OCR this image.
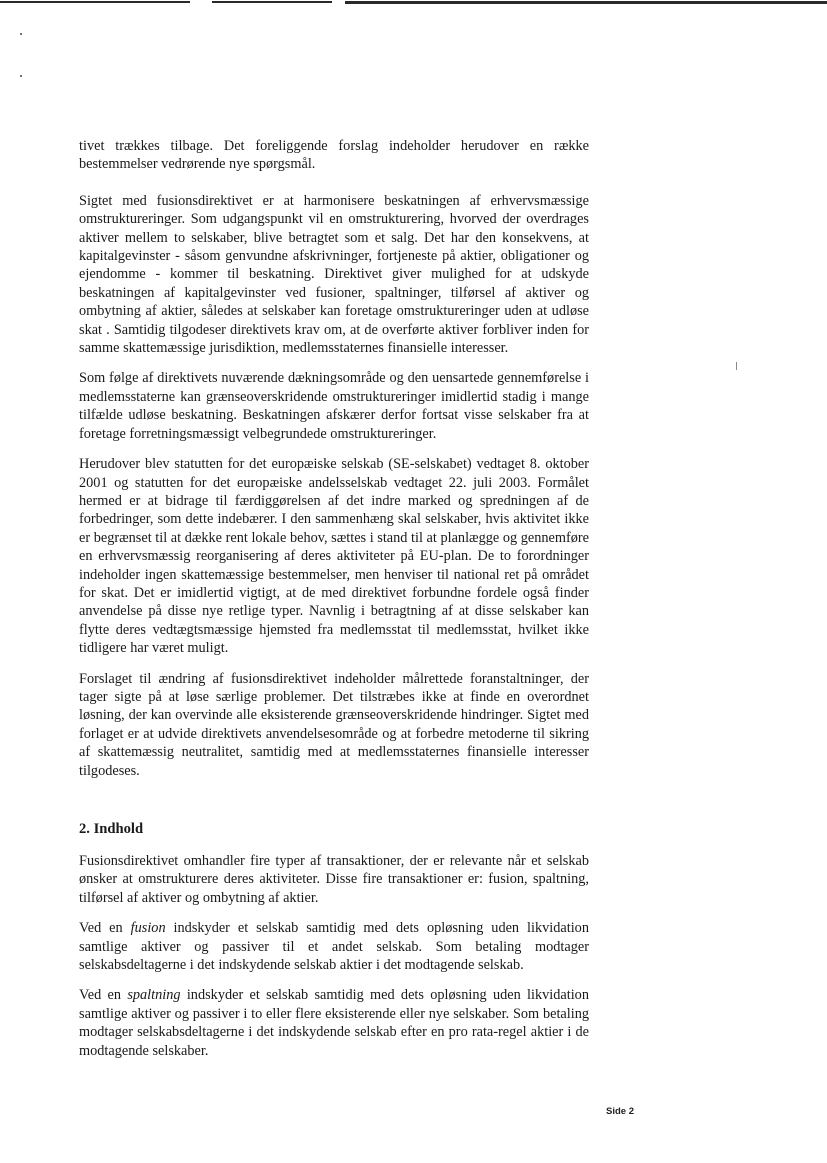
tivet trækkes tilbage. Det foreliggende forslag indeholder herudover en række bestemmelser vedrørende nye spørgsmål.

Sigtet med fusionsdirektivet er at harmonisere beskatningen af erhvervsmæssige omstruktureringer. Som udgangspunkt vil en omstrukturering, hvorved der overdrages aktiver mellem to selskaber, blive betragtet som et salg. Det har den konsekvens, at kapitalgevinster - såsom genvundne afskrivninger, fortjeneste på aktier, obligationer og ejendomme - kommer til beskatning. Direktivet giver mulighed for at udskyde beskatningen af kapitalgevinster ved fusioner, spaltninger, tilførsel af aktiver og ombytning af aktier, således at selskaber kan foretage omstruktureringer uden at udløse skat . Samtidig tilgodeser direktivets krav om, at de overførte aktiver forbliver inden for samme skattemæssige jurisdiktion, medlemsstaternes finansielle interesser.

Som følge af direktivets nuværende dækningsområde og den uensartede gennemførelse i medlemsstaterne kan grænseoverskridende omstruktureringer imidlertid stadig i mange tilfælde udløse beskatning. Beskatningen afskærer derfor fortsat visse selskaber fra at foretage forretningsmæssigt velbegrundede omstruktureringer.

Herudover blev statutten for det europæiske selskab (SE-selskabet) vedtaget 8. oktober 2001 og statutten for det europæiske andelsselskab vedtaget 22. juli 2003. Formålet hermed er at bidrage til færdiggørelsen af det indre marked og spredningen af de forbedringer, som dette indebærer. I den sammenhæng skal selskaber, hvis aktivitet ikke er begrænset til at dække rent lokale behov, sættes i stand til at planlægge og gennemføre en erhvervsmæssig reorganisering af deres aktiviteter på EU-plan. De to forordninger indeholder ingen skattemæssige bestemmelser, men henviser til national ret på området for skat. Det er imidlertid vigtigt, at de med direktivet forbundne fordele også finder anvendelse på disse nye retlige typer. Navnlig i betragtning af at disse selskaber kan flytte deres vedtægtsmæssige hjemsted fra medlemsstat til medlemsstat, hvilket ikke tidligere har været muligt.

Forslaget til ændring af fusionsdirektivet indeholder målrettede foranstaltninger, der tager sigte på at løse særlige problemer. Det tilstræbes ikke at finde en overordnet løsning, der kan overvinde alle eksisterende grænseoverskridende hindringer. Sigtet med forlaget er at udvide direktivets anvendelsesområde og at forbedre metoderne til sikring af skattemæssig neutralitet, samtidig med at medlemsstaternes finansielle interesser tilgodeses.

2. Indhold

Fusionsdirektivet omhandler fire typer af transaktioner, der er relevante når et selskab ønsker at omstrukturere deres aktiviteter. Disse fire transaktioner er: fusion, spaltning, tilførsel af aktiver og ombytning af aktier.

Ved en fusion indskyder et selskab samtidig med dets opløsning uden likvidation samtlige aktiver og passiver til et andet selskab. Som betaling modtager selskabsdeltagerne i det indskydende selskab aktier i det modtagende selskab.

Ved en spaltning indskyder et selskab samtidig med dets opløsning uden likvidation samtlige aktiver og passiver i to eller flere eksisterende eller nye selskaber. Som betaling modtager selskabsdeltagerne i det indskydende selskab efter en pro rata-regel aktier i de modtagende selskaber.

Side 2
